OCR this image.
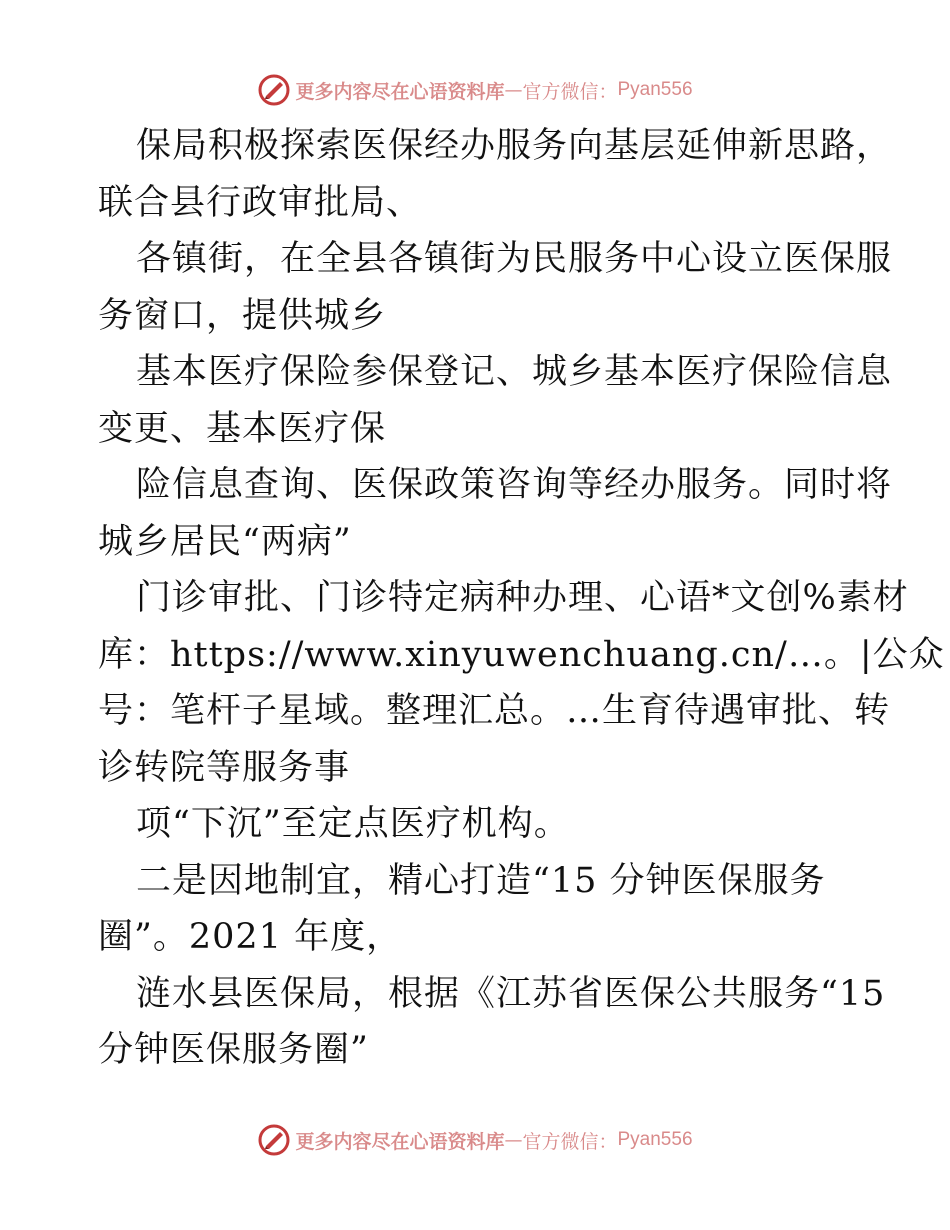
更多内容尽在心语资料库 — 官方微信： Pyan556
保局积极探索医保经办服务向基层延伸新思路，
联合县行政审批局、
各镇街，在全县各镇街为民服务中心设立医保服
务窗口，提供城乡
基本医疗保险参保登记、城乡基本医疗保险信息
变更、基本医疗保
险信息查询、医保政策咨询等经办服务。同时将
城乡居民“两病”
门诊审批、门诊特定病种办理、心语*文创%素材
库：https://www.xinyuwenchuang.cn/…。|公众
号：笔杆子星域。整理汇总。…生育待遇审批、转
诊转院等服务事
项“下沉”至定点医疗机构。
二是因地制宜，精心打造“15 分钟医保服务
圈”。2021 年度，
涟水县医保局，根据《江苏省医保公共服务“15
分钟医保服务圈”
更多内容尽在心语资料库 — 官方微信： Pyan556
